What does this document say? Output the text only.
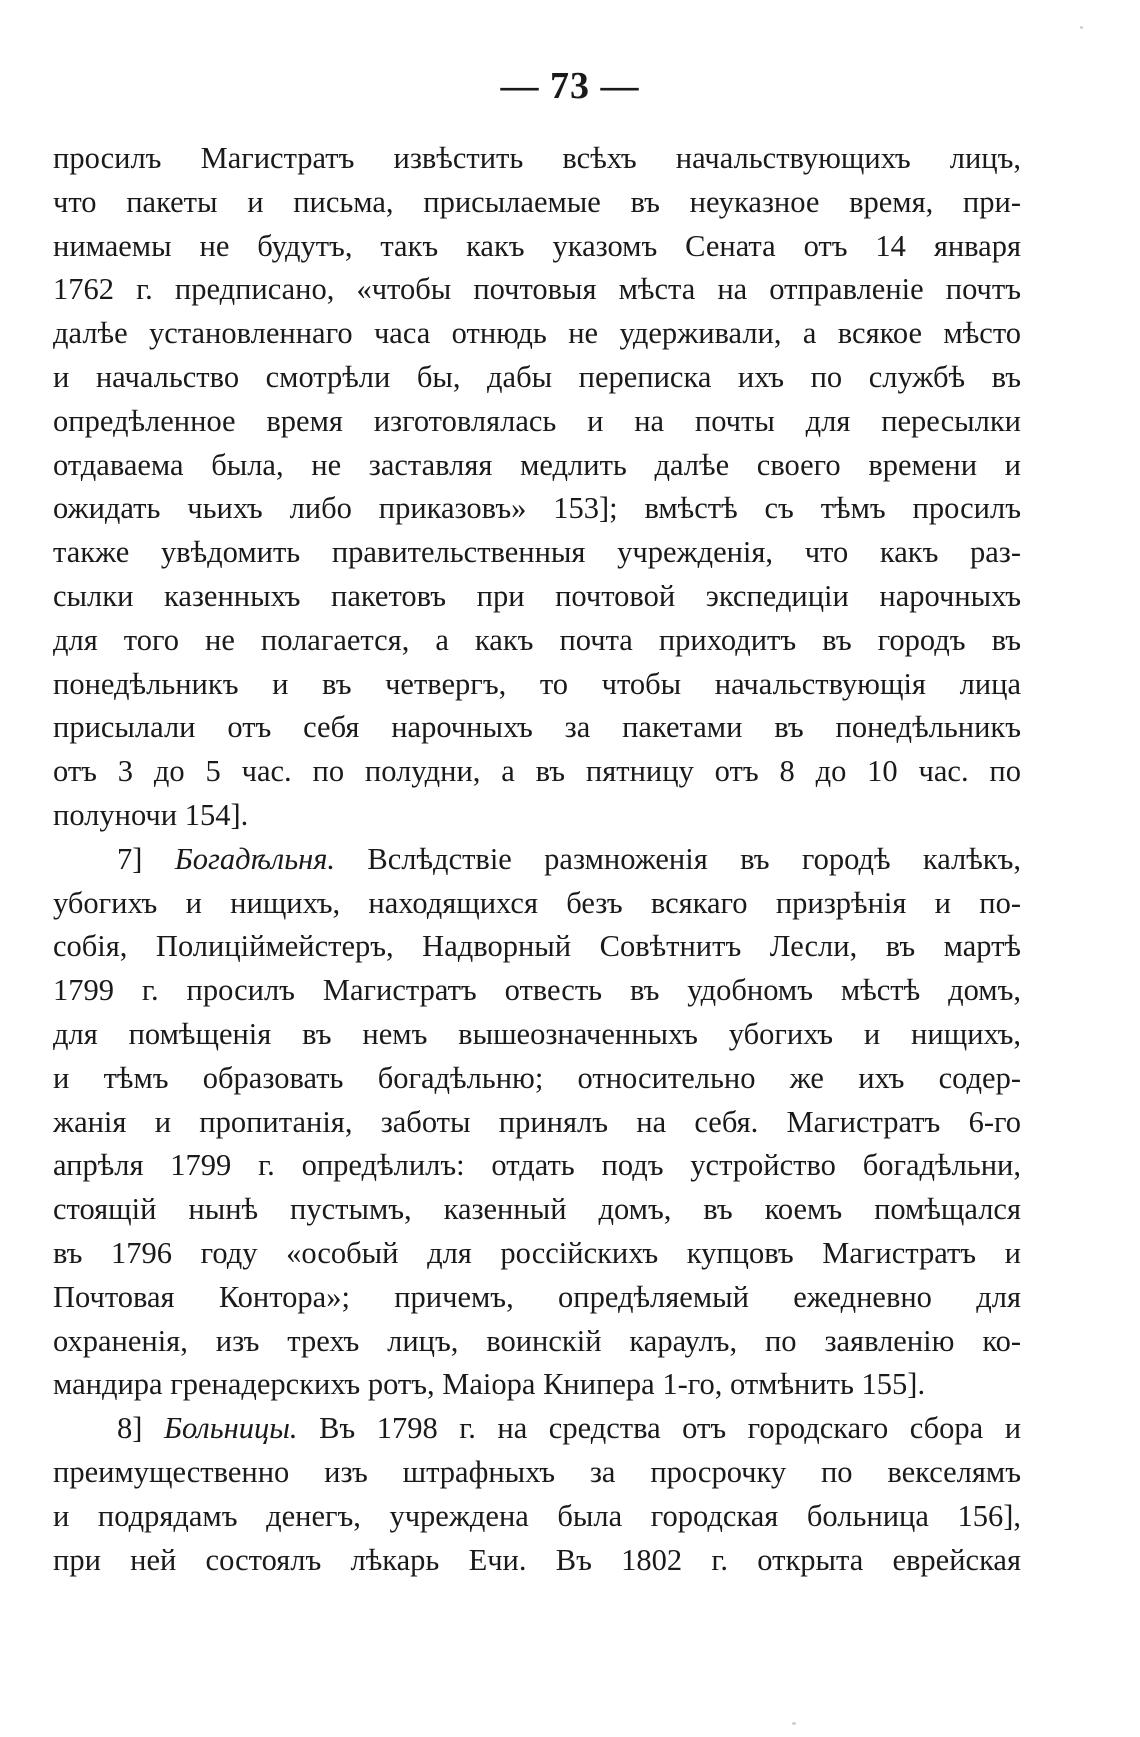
— 73 —
просилъ Магистратъ извѣстить всѣхъ начальствующихъ лицъ,
что пакеты и письма, присылаемые въ неуказное время, при-
нимаемы не будутъ, такъ какъ указомъ Сената отъ 14 января
1762 г. предписано, «чтобы почтовыя мѣста на отправленіе почтъ
далѣе установленнаго часа отнюдь не удерживали, а всякое мѣсто
и начальство смотрѣли бы, дабы переписка ихъ по службѣ въ
опредѣленное время изготовлялась и на почты для пересылки
отдаваема была, не заставляя медлить далѣе своего времени и
ожидать чьихъ либо приказовъ» 153]; вмѣстѣ съ тѣмъ просилъ
также увѣдомить правительственныя учрежденія, что какъ раз-
сылки казенныхъ пакетовъ при почтовой экспедиціи нарочныхъ
для того не полагается, а какъ почта приходитъ въ городъ въ
понедѣльникъ и въ четвергъ, то чтобы начальствующія лица
присылали отъ себя нарочныхъ за пакетами въ понедѣльникъ
отъ 3 до 5 час. по полудни, а въ пятницу отъ 8 до 10 час. по
полуночи 154].
7] Богадѣльня. Вслѣдствіе размноженія въ городѣ калѣкъ,
убогихъ и нищихъ, находящихся безъ всякаго призрѣнія и по-
собія, Полиціймейстеръ, Надворный Совѣтнитъ Лесли, въ мартѣ
1799 г. просилъ Магистратъ отвесть въ удобномъ мѣстѣ домъ,
для помѣщенія въ немъ вышеозначенныхъ убогихъ и нищихъ,
и тѣмъ образовать богадѣльню; относительно же ихъ содер-
жанія и пропитанія, заботы принялъ на себя. Магистратъ 6-го
апрѣля 1799 г. опредѣлилъ: отдать подъ устройство богадѣльни,
стоящій нынѣ пустымъ, казенный домъ, въ коемъ помѣщался
въ 1796 году «особый для россійскихъ купцовъ Магистратъ и
Почтовая Контора»; причемъ, опредѣляемый ежедневно для
охраненія, изъ трехъ лицъ, воинскій караулъ, по заявленію ко-
мандира гренадерскихъ ротъ, Маіора Книпера 1-го, отмѣнить 155].
8] Больницы. Въ 1798 г. на средства отъ городскаго сбора и
преимущественно изъ штрафныхъ за просрочку по векселямъ
и подрядамъ денегъ, учреждена была городская больница 156],
при ней состоялъ лѣкарь Ечи. Въ 1802 г. открыта еврейская
